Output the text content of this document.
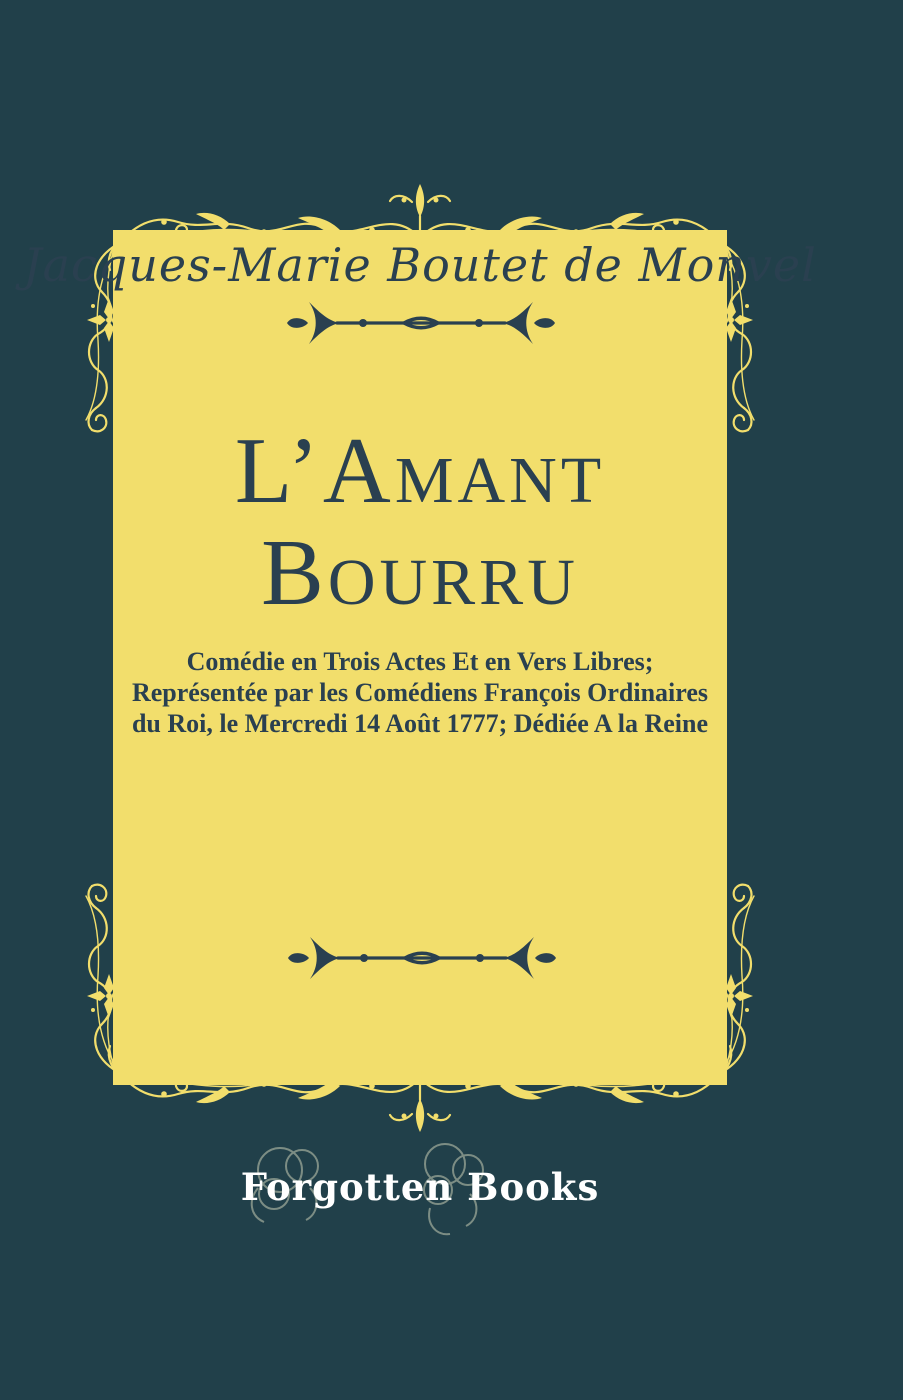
Jacques-Marie Boutet de Monvel
L’Amant
Bourru
Comédie en Trois Actes Et en Vers Libres;
Représentée par les Comédiens François Ordinaires
du Roi, le Mercredi 14 Août 1777; Dédiée A la Reine
Forgotten Books
